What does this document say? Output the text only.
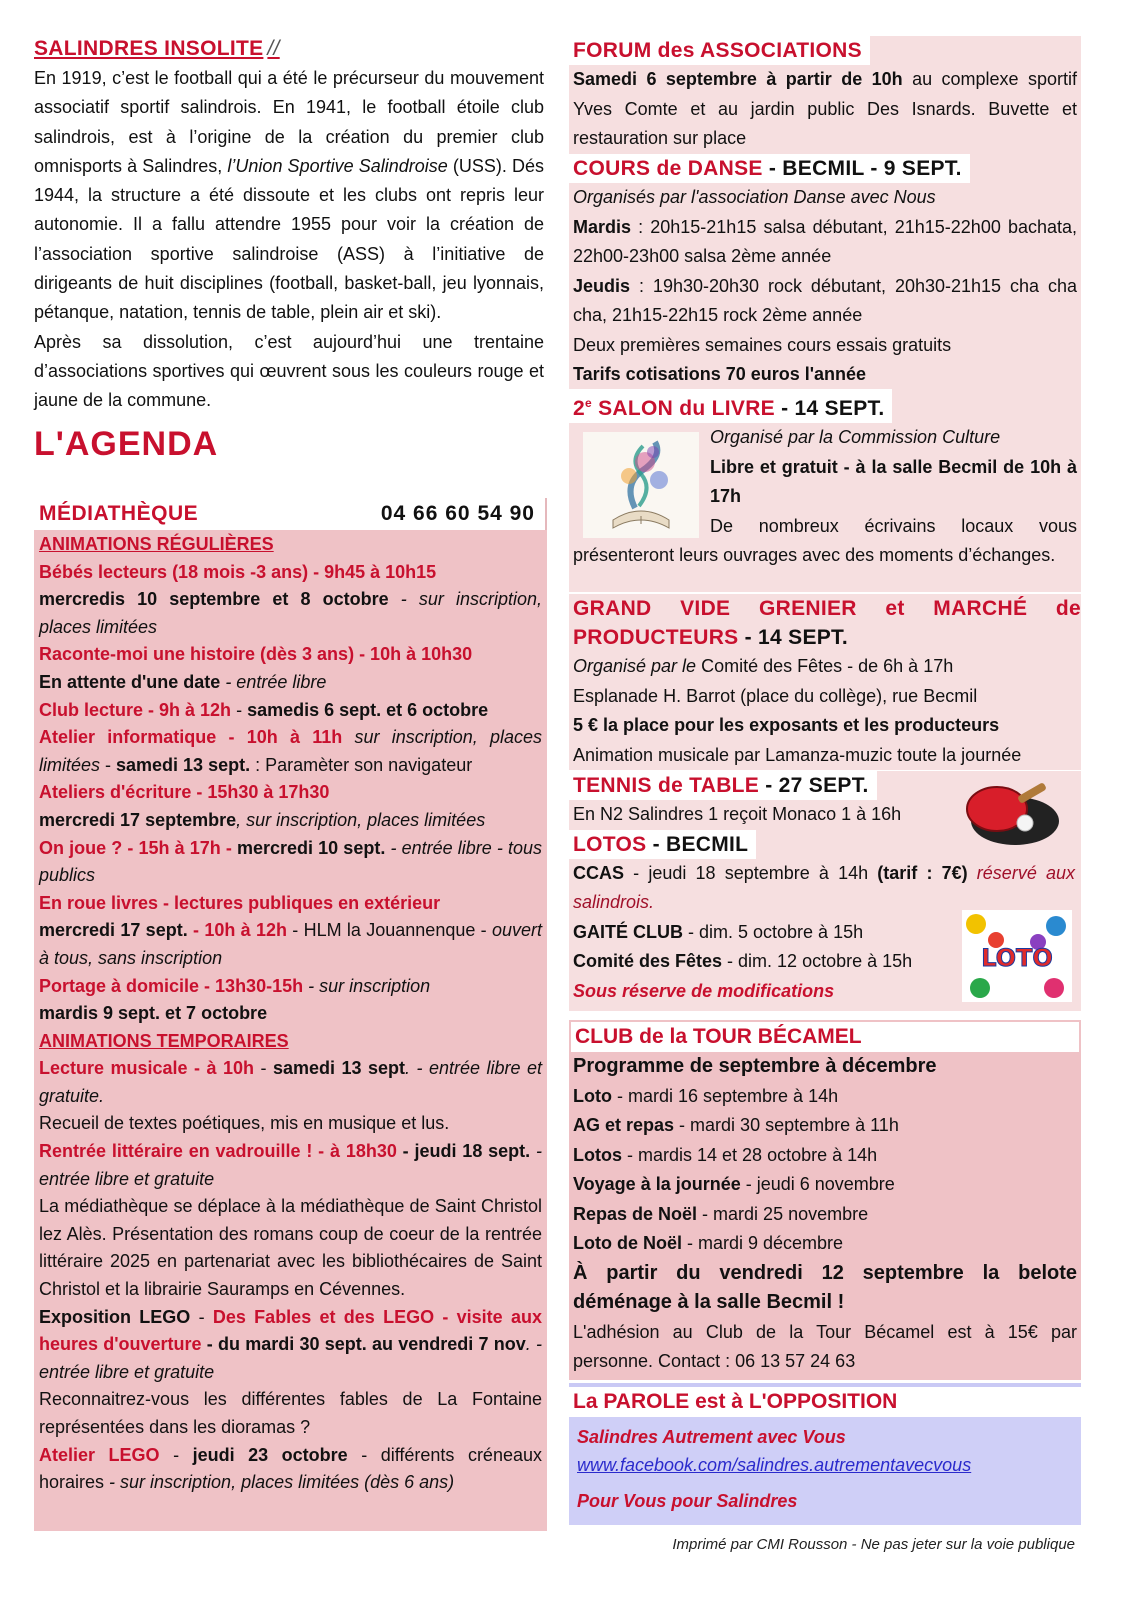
SALINDRES INSOLITE //

En 1919, c’est le football qui a été le précurseur du mouvement associatif sportif salindrois. En 1941, le football étoile club salindrois, est à l’origine de la création du premier club omnisports à Salindres, l’Union Sportive Salindroise (USS). Dés 1944, la structure a été dissoute et les clubs ont repris leur autonomie. Il a fallu attendre 1955 pour voir la création de l’association sportive salindroise (ASS) à l’initiative de dirigeants de huit disciplines (football, basket-ball, jeu lyonnais, pétanque, natation, tennis de table, plein air et ski).

Après sa dissolution, c’est aujourd’hui une trentaine d’associations sportives qui œuvrent sous les couleurs rouge et jaune de la commune.

L'AGENDA
MÉDIATHÈQUE	04 66 60 54 90

ANIMATIONS RÉGULIÈRES

Bébés lecteurs (18 mois -3 ans) - 9h45 à 10h15

mercredis 10 septembre et 8 octobre - sur inscription, places limitées

Raconte-moi une histoire (dès 3 ans) - 10h à 10h30

En attente d'une date - entrée libre

Club lecture - 9h à 12h - samedis 6 sept. et 6 octobre

Atelier informatique - 10h à 11h sur inscription, places limitées - samedi 13 sept. : Paramèter son navigateur

Ateliers d'écriture - 15h30 à 17h30

mercredi 17 septembre, sur inscription, places limitées

On joue ? - 15h à 17h - mercredi 10 sept. - entrée libre - tous publics

En roue livres - lectures publiques en extérieur

mercredi 17 sept. - 10h à 12h - HLM la Jouannenque - ouvert à tous, sans inscription

Portage à domicile - 13h30-15h - sur inscription

mardis 9 sept. et 7 octobre

ANIMATIONS TEMPORAIRES

Lecture musicale - à 10h - samedi 13 sept. - entrée libre et gratuite.

Recueil de textes poétiques, mis en musique et lus.

Rentrée littéraire en vadrouille ! - à 18h30 - jeudi 18 sept. - entrée libre et gratuite

La médiathèque se déplace à la médiathèque de Saint Christol lez Alès. Présentation des romans coup de coeur de la rentrée littéraire 2025 en partenariat avec les bibliothécaires de Saint Christol et la librairie Sauramps en Cévennes.

Exposition LEGO - Des Fables et des LEGO - visite aux heures d'ouverture - du mardi 30 sept. au vendredi 7 nov. - entrée libre et gratuite

Reconnaitrez-vous les différentes fables de La Fontaine représentées dans les dioramas ?

Atelier LEGO - jeudi 23 octobre - différents créneaux horaires - sur inscription, places limitées (dès 6 ans)

FORUM des ASSOCIATIONS

Samedi 6 septembre à partir de 10h au complexe sportif Yves Comte et au jardin public Des Isnards. Buvette et restauration sur place

COURS de DANSE - BECMIL - 9 SEPT.

Organisés par l'association Danse avec Nous

Mardis : 20h15-21h15 salsa débutant, 21h15-22h00 bachata, 22h00-23h00 salsa 2ème année

Jeudis : 19h30-20h30 rock débutant, 20h30-21h15 cha cha cha, 21h15-22h15 rock 2ème année

Deux premières semaines cours essais gratuits

Tarifs cotisations 70 euros l'année

2e SALON du LIVRE - 14 SEPT.

Organisé par la Commission Culture

Libre et gratuit - à la salle Becmil de 10h à 17h

De nombreux écrivains locaux vous présenteront leurs ouvrages avec des moments d’échanges.

GRAND VIDE GRENIER et MARCHÉ de PRODUCTEURS - 14 SEPT.

Organisé par le Comité des Fêtes - de 6h à 17h

Esplanade H. Barrot (place du collège), rue Becmil

5 € la place pour les exposants et les producteurs

Animation musicale par Lamanza-muzic toute la journée

TENNIS de TABLE - 27 SEPT.

En N2 Salindres 1 reçoit Monaco 1 à 16h

LOTOS - BECMIL

CCAS - jeudi 18 septembre à 14h (tarif : 7€) réservé aux salindrois.

GAITÉ CLUB - dim. 5 octobre à 15h

Comité des Fêtes - dim. 12 octobre à 15h

Sous réserve de modifications

CLUB de la TOUR BÉCAMEL

Programme de septembre à décembre

Loto - mardi 16 septembre à 14h

AG et repas - mardi 30 septembre à 11h

Lotos - mardis 14 et 28 octobre à 14h

Voyage à la journée - jeudi 6 novembre

Repas de Noël - mardi 25 novembre

Loto de Noël - mardi 9 décembre

À partir du vendredi 12 septembre la belote déménage à la salle Becmil !

L'adhésion au Club de la Tour Bécamel est à 15€ par personne. Contact : 06 13 57 24 63

La PAROLE est à L'OPPOSITION

Salindres Autrement avec Vous

www.facebook.com/salindres.autrementavecvous

Pour Vous pour Salindres

Imprimé par CMI Rousson - Ne pas jeter sur la voie publique
LOTO
